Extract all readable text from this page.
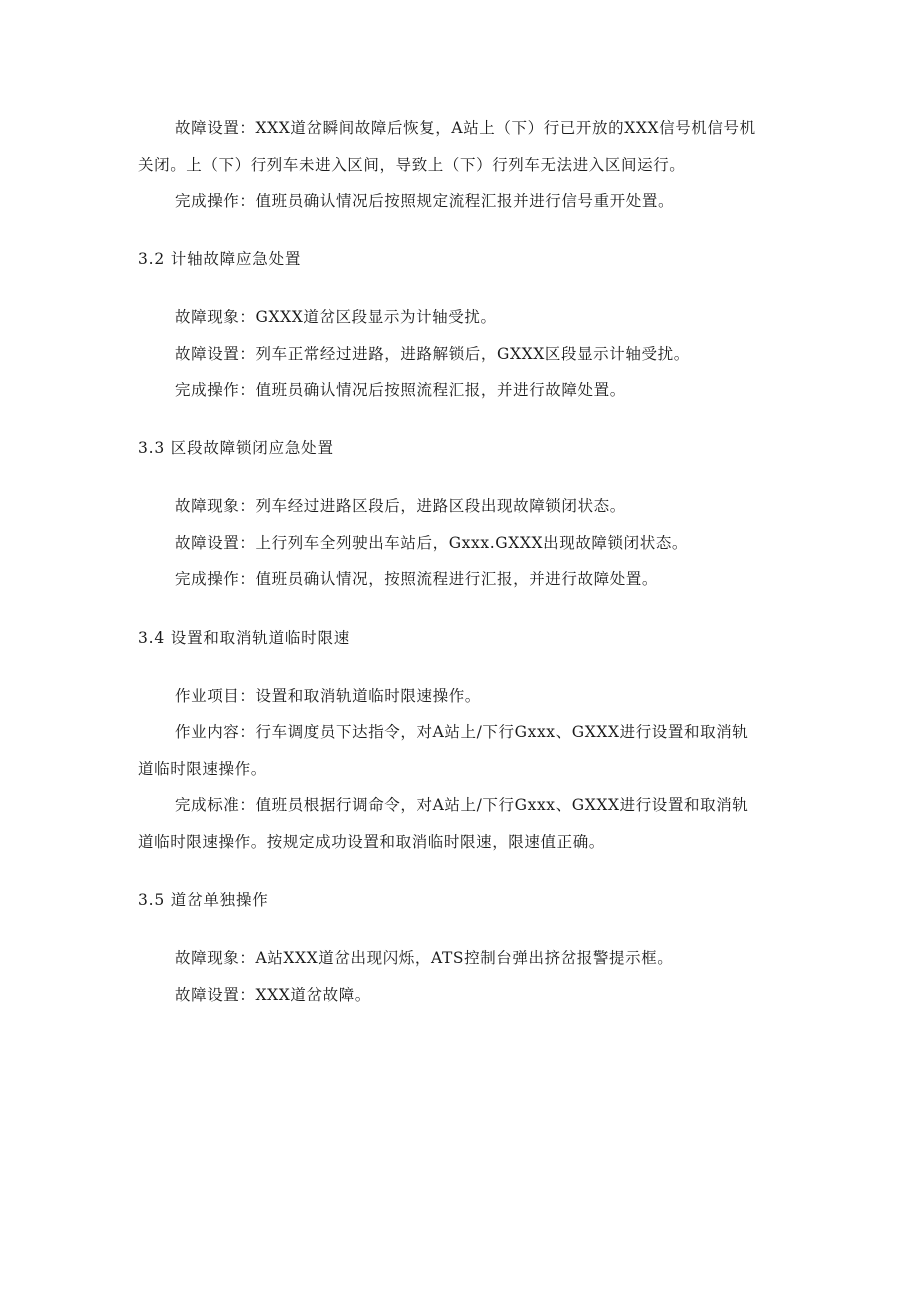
故障设置：XXX道岔瞬间故障后恢复，A站上（下）行已开放的XXX信号机信号机
关闭。上（下）行列车未进入区间，导致上（下）行列车无法进入区间运行。
完成操作：值班员确认情况后按照规定流程汇报并进行信号重开处置。
3.2 计轴故障应急处置
故障现象：GXXX道岔区段显示为计轴受扰。
故障设置：列车正常经过进路，进路解锁后，GXXX区段显示计轴受扰。
完成操作：值班员确认情况后按照流程汇报，并进行故障处置。
3.3 区段故障锁闭应急处置
故障现象：列车经过进路区段后，进路区段出现故障锁闭状态。
故障设置：上行列车全列驶出车站后，Gxxx.GXXX出现故障锁闭状态。
完成操作：值班员确认情况，按照流程进行汇报，并进行故障处置。
3.4 设置和取消轨道临时限速
作业项目：设置和取消轨道临时限速操作。
作业内容：行车调度员下达指令，对A站上/下行Gxxx、GXXX进行设置和取消轨
道临时限速操作。
完成标准：值班员根据行调命令，对A站上/下行Gxxx、GXXX进行设置和取消轨
道临时限速操作。按规定成功设置和取消临时限速，限速值正确。
3.5 道岔单独操作
故障现象：A站XXX道岔出现闪烁，ATS控制台弹出挤岔报警提示框。
故障设置：XXX道岔故障。
